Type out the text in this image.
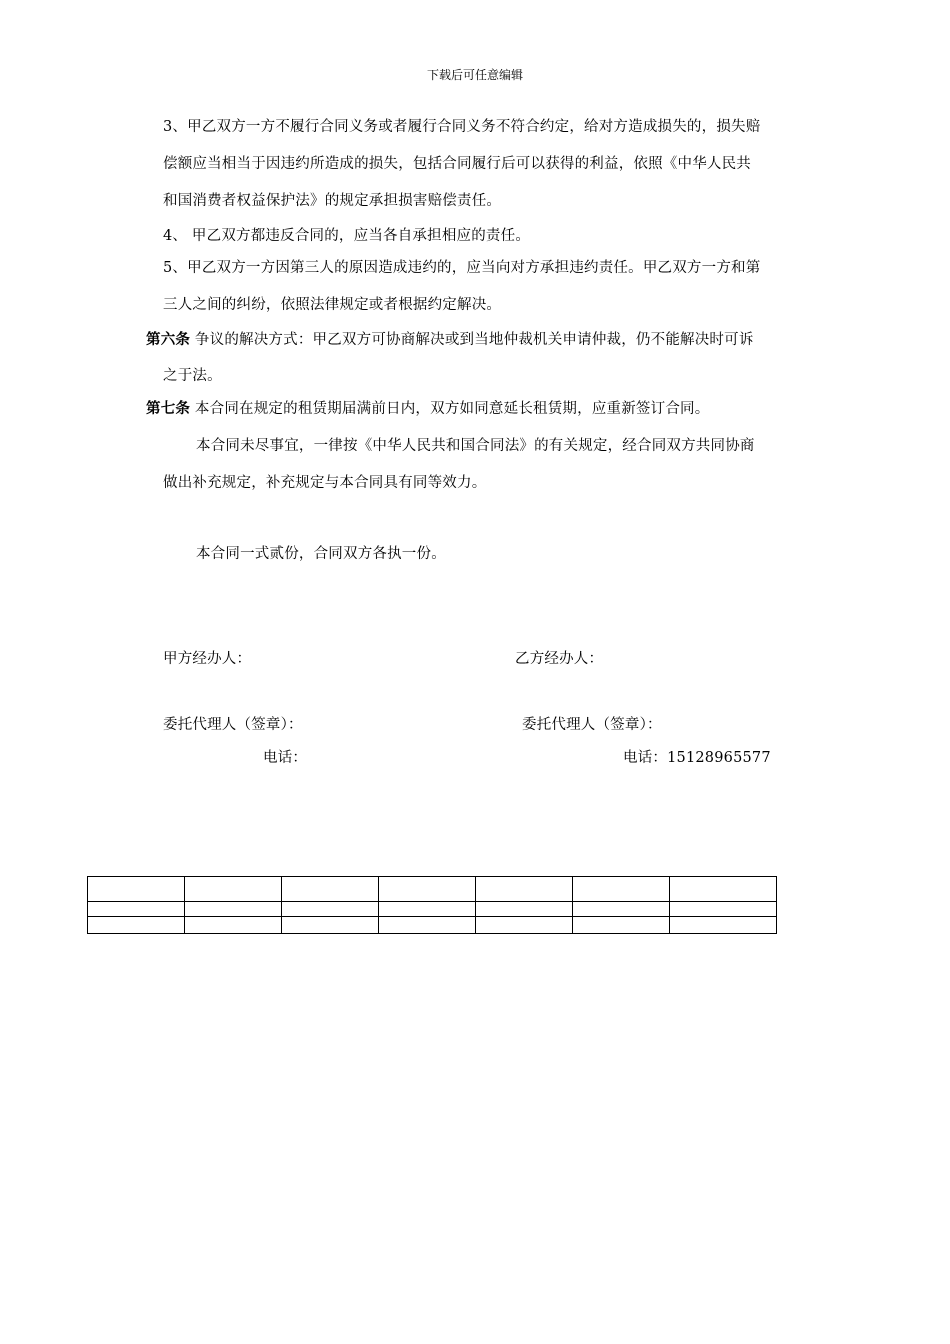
下载后可任意编辑
3、甲乙双方一方不履行合同义务或者履行合同义务不符合约定，给对方造成损失的，损失赔
偿额应当相当于因违约所造成的损失，包括合同履行后可以获得的利益，依照《中华人民共
和国消费者权益保护法》的规定承担损害赔偿责任。
4、 甲乙双方都违反合同的，应当各自承担相应的责任。
5、甲乙双方一方因第三人的原因造成违约的，应当向对方承担违约责任。甲乙双方一方和第
三人之间的纠纷，依照法律规定或者根据约定解决。
第六条 争议的解决方式：甲乙双方可协商解决或到当地仲裁机关申请仲裁，仍不能解决时可诉
之于法。
第七条 本合同在规定的租赁期届满前日内，双方如同意延长租赁期，应重新签订合同。
本合同未尽事宜，一律按《中华人民共和国合同法》的有关规定，经合同双方共同协商
做出补充规定，补充规定与本合同具有同等效力。
本合同一式贰份，合同双方各执一份。
甲方经办人：	乙方经办人：
委托代理人（签章）：	委托代理人（签章）：
电话：	电话：15128965577
